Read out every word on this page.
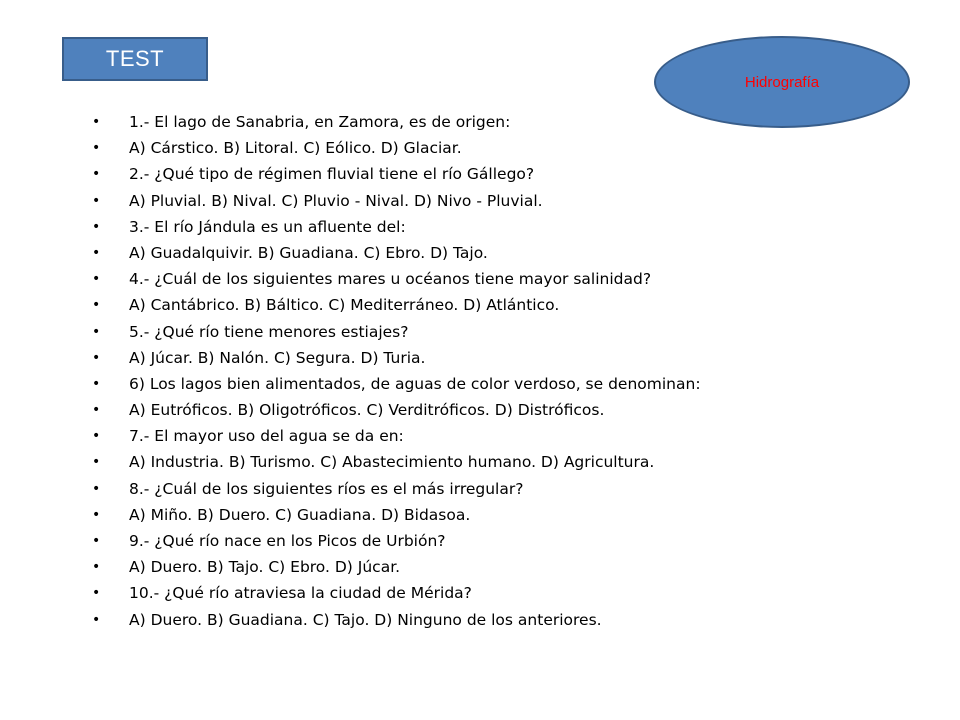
TEST
Hidrografía
• 1.- El lago de Sanabria, en Zamora, es de origen:
• A) Cárstico. B) Litoral. C) Eólico. D) Glaciar.
• 2.- ¿Qué tipo de régimen fluvial tiene el río Gállego?
• A) Pluvial. B) Nival. C) Pluvio - Nival. D) Nivo - Pluvial.
• 3.- El río Jándula es un afluente del:
• A) Guadalquivir. B) Guadiana. C) Ebro. D) Tajo.
• 4.- ¿Cuál de los siguientes mares u océanos tiene mayor salinidad?
• A) Cantábrico. B) Báltico. C) Mediterráneo. D) Atlántico.
• 5.- ¿Qué río tiene menores estiajes?
• A) Júcar. B) Nalón. C) Segura. D) Turia.
• 6) Los lagos bien alimentados, de aguas de color verdoso, se denominan:
• A) Eutróficos. B) Oligotróficos. C) Verditróficos. D) Distróficos.
• 7.- El mayor uso del agua se da en:
• A) Industria. B) Turismo. C) Abastecimiento humano. D) Agricultura.
• 8.- ¿Cuál de los siguientes ríos es el más irregular?
• A) Miño. B) Duero. C) Guadiana. D) Bidasoa.
• 9.- ¿Qué río nace en los Picos de Urbión?
• A) Duero. B) Tajo. C) Ebro. D) Júcar.
• 10.- ¿Qué río atraviesa la ciudad de Mérida?
• A) Duero. B) Guadiana. C) Tajo. D) Ninguno de los anteriores.
